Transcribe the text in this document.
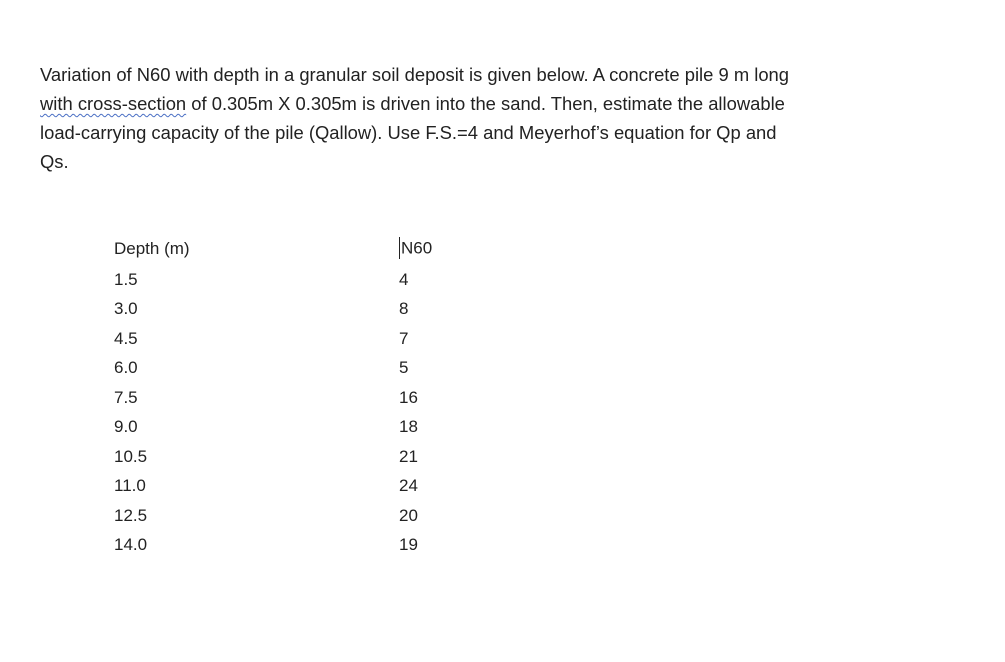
Variation of N60 with depth in a granular soil deposit is given below. A concrete pile 9 m long
with cross-section of 0.305m X 0.305m is driven into the sand. Then, estimate the allowable
load-carrying capacity of the pile (Qallow). Use F.S.=4 and Meyerhof’s equation for Qp and
Qs.

Depth (m)	N60
1.5	4
3.0	8
4.5	7
6.0	5
7.5	16
9.0	18
10.5	21
11.0	24
12.5	20
14.0	19
